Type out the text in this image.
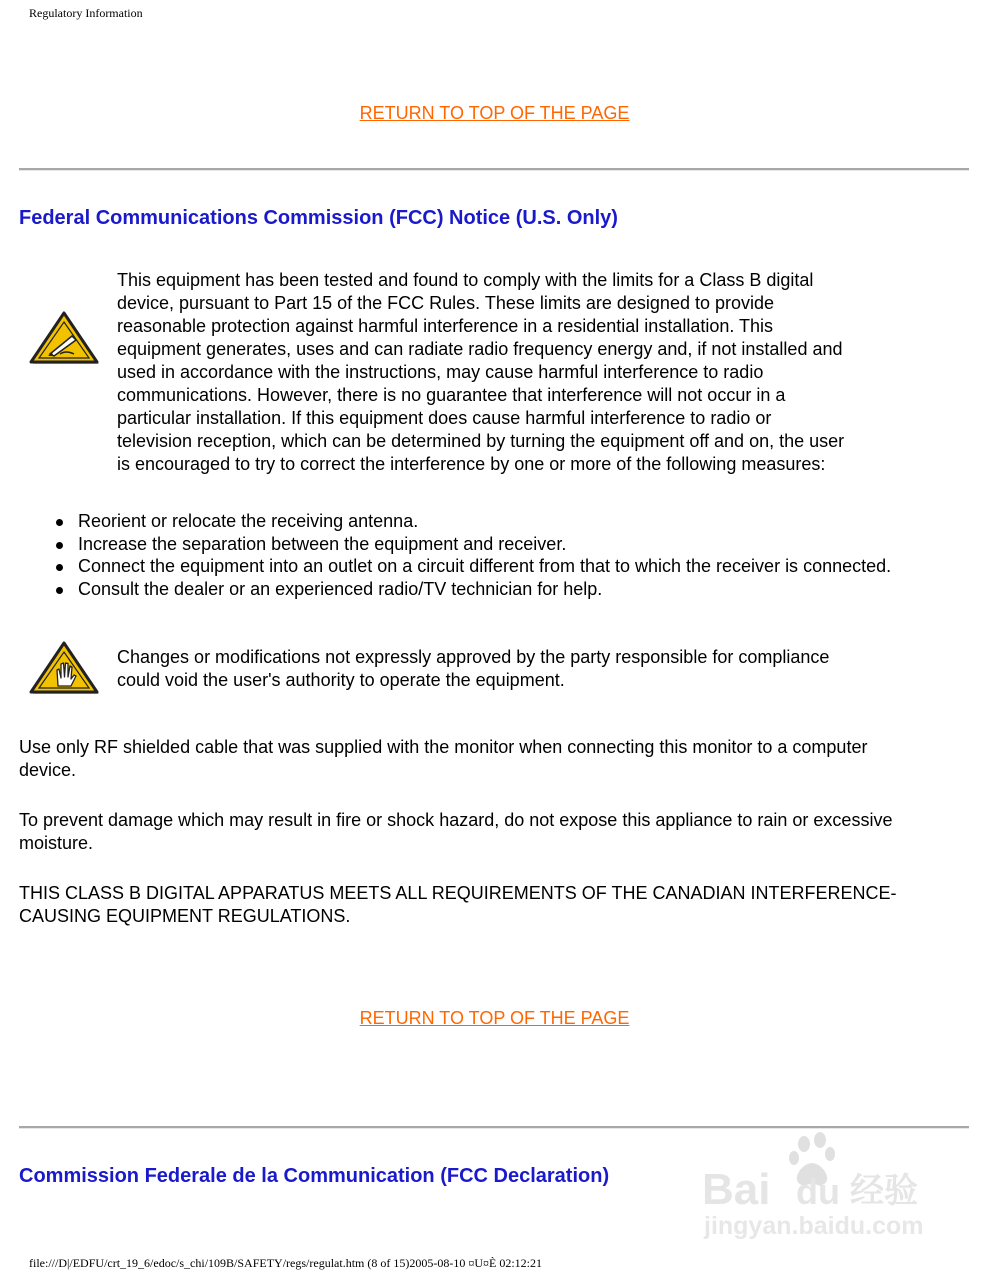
Regulatory Information
RETURN TO TOP OF THE PAGE
Federal Communications Commission (FCC) Notice (U.S. Only)

This equipment has been tested and found to comply with the limits for a Class B digital
device, pursuant to Part 15 of the FCC Rules. These limits are designed to provide
reasonable protection against harmful interference in a residential installation. This
equipment generates, uses and can radiate radio frequency energy and, if not installed and
used in accordance with the instructions, may cause harmful interference to radio
communications. However, there is no guarantee that interference will not occur in a
particular installation. If this equipment does cause harmful interference to radio or
television reception, which can be determined by turning the equipment off and on, the user
is encouraged to try to correct the interference by one or more of the following measures:

Reorient or relocate the receiving antenna.
Increase the separation between the equipment and receiver.
Connect the equipment into an outlet on a circuit different from that to which the receiver is connected.
Consult the dealer or an experienced radio/TV technician for help.

Changes or modifications not expressly approved by the party responsible for compliance
could void the user's authority to operate the equipment.

Use only RF shielded cable that was supplied with the monitor when connecting this monitor to a computer
device.

To prevent damage which may result in fire or shock hazard, do not expose this appliance to rain or excessive
moisture.

THIS CLASS B DIGITAL APPARATUS MEETS ALL REQUIREMENTS OF THE CANADIAN INTERFERENCE-
CAUSING EQUIPMENT REGULATIONS.

RETURN TO TOP OF THE PAGE
Commission Federale de la Communication (FCC Declaration) Bai du 经验
jingyan.baidu.com
file:///D|/EDFU/crt_19_6/edoc/s_chi/109B/SAFETY/regs/regulat.htm (8 of 15)2005-08-10 ¤U¤È 02:12:21
